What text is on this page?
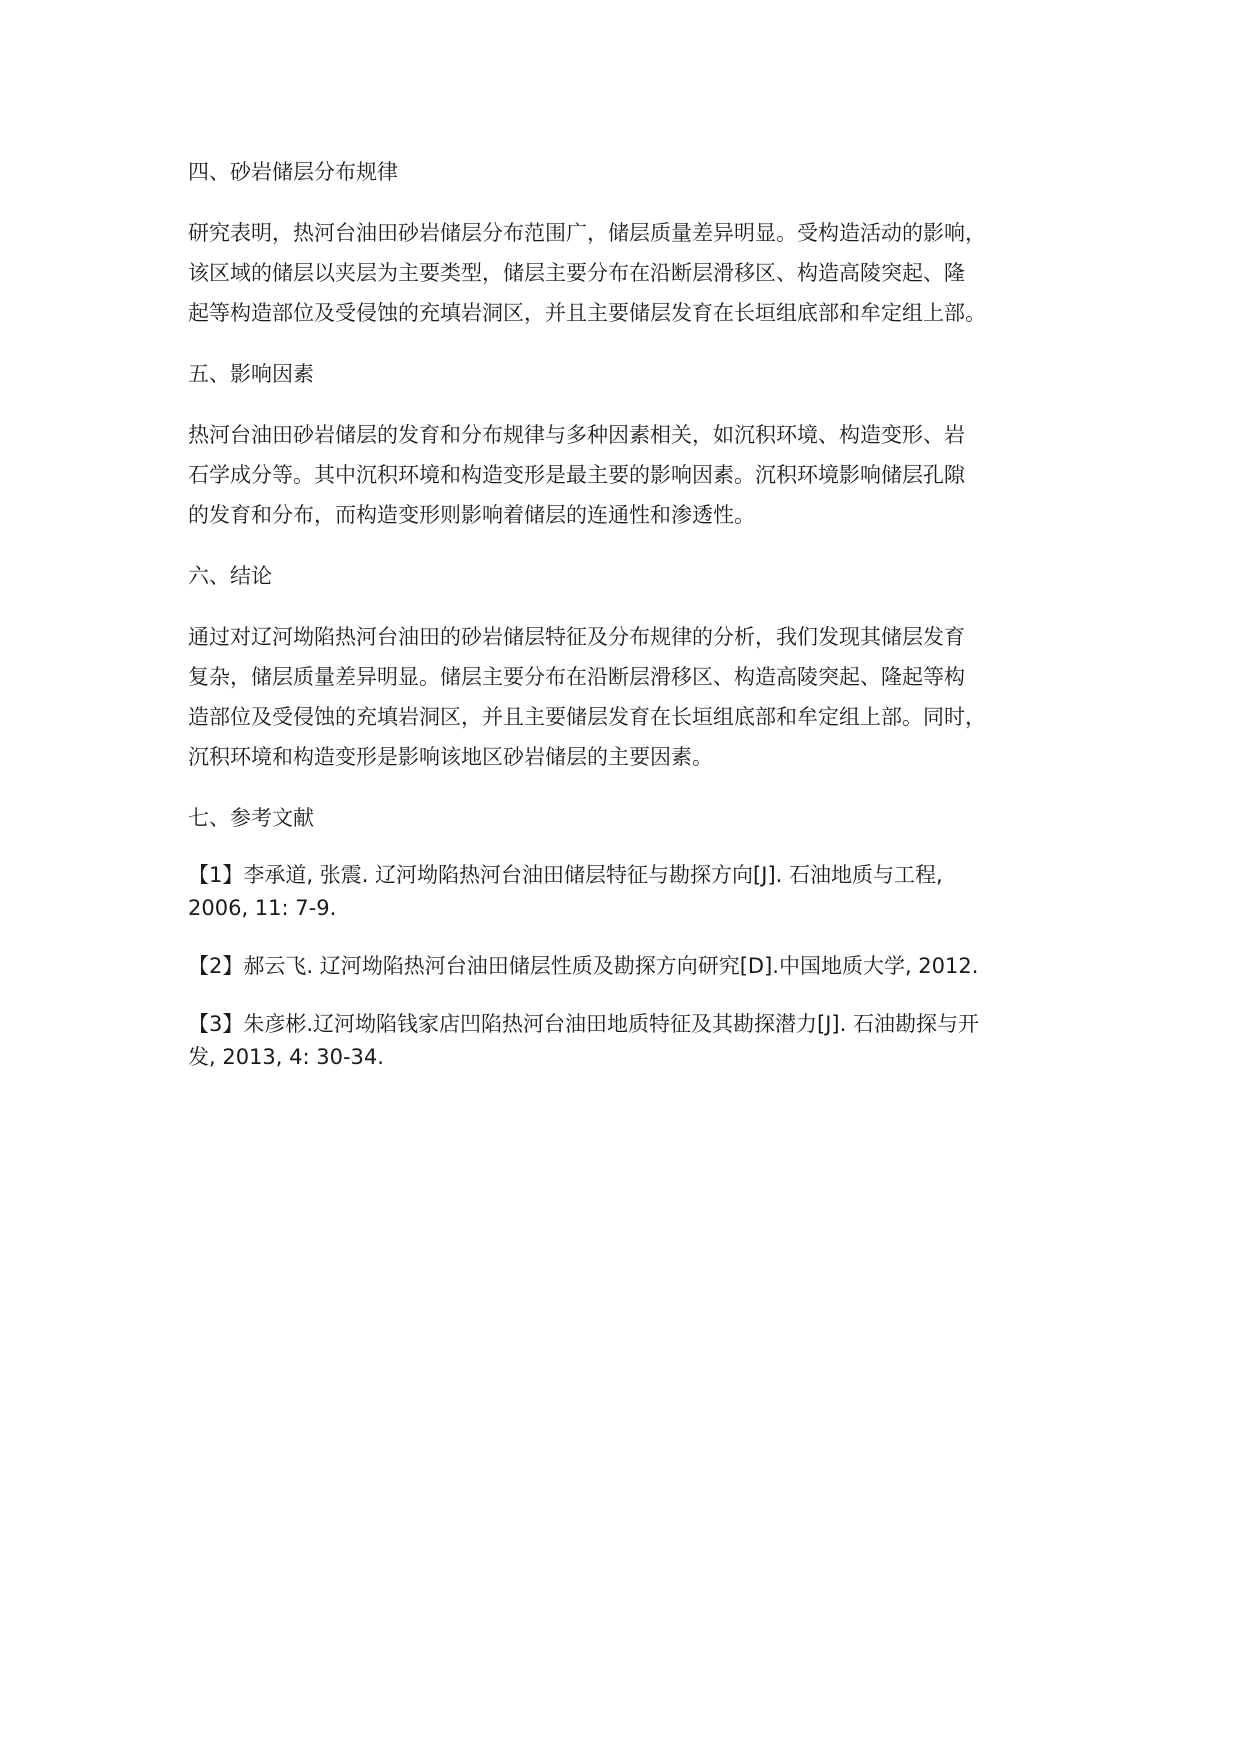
四、砂岩储层分布规律
研究表明，热河台油田砂岩储层分布范围广，储层质量差异明显。受构造活动的影响，
该区域的储层以夹层为主要类型，储层主要分布在沿断层滑移区、构造高陵突起、隆
起等构造部位及受侵蚀的充填岩洞区，并且主要储层发育在长垣组底部和牟定组上部。
五、影响因素
热河台油田砂岩储层的发育和分布规律与多种因素相关，如沉积环境、构造变形、岩
石学成分等。其中沉积环境和构造变形是最主要的影响因素。沉积环境影响储层孔隙
的发育和分布，而构造变形则影响着储层的连通性和渗透性。
六、结论
通过对辽河坳陷热河台油田的砂岩储层特征及分布规律的分析，我们发现其储层发育
复杂，储层质量差异明显。储层主要分布在沿断层滑移区、构造高陵突起、隆起等构
造部位及受侵蚀的充填岩洞区，并且主要储层发育在长垣组底部和牟定组上部。同时，
沉积环境和构造变形是影响该地区砂岩储层的主要因素。
七、参考文献
【1】李承道, 张震. 辽河坳陷热河台油田储层特征与勘探方向[J]. 石油地质与工程,
2006, 11: 7-9.
【2】郝云飞. 辽河坳陷热河台油田储层性质及勘探方向研究[D].中国地质大学, 2012.
【3】朱彦彬.辽河坳陷钱家店凹陷热河台油田地质特征及其勘探潜力[J]. 石油勘探与开
发, 2013, 4: 30-34.
